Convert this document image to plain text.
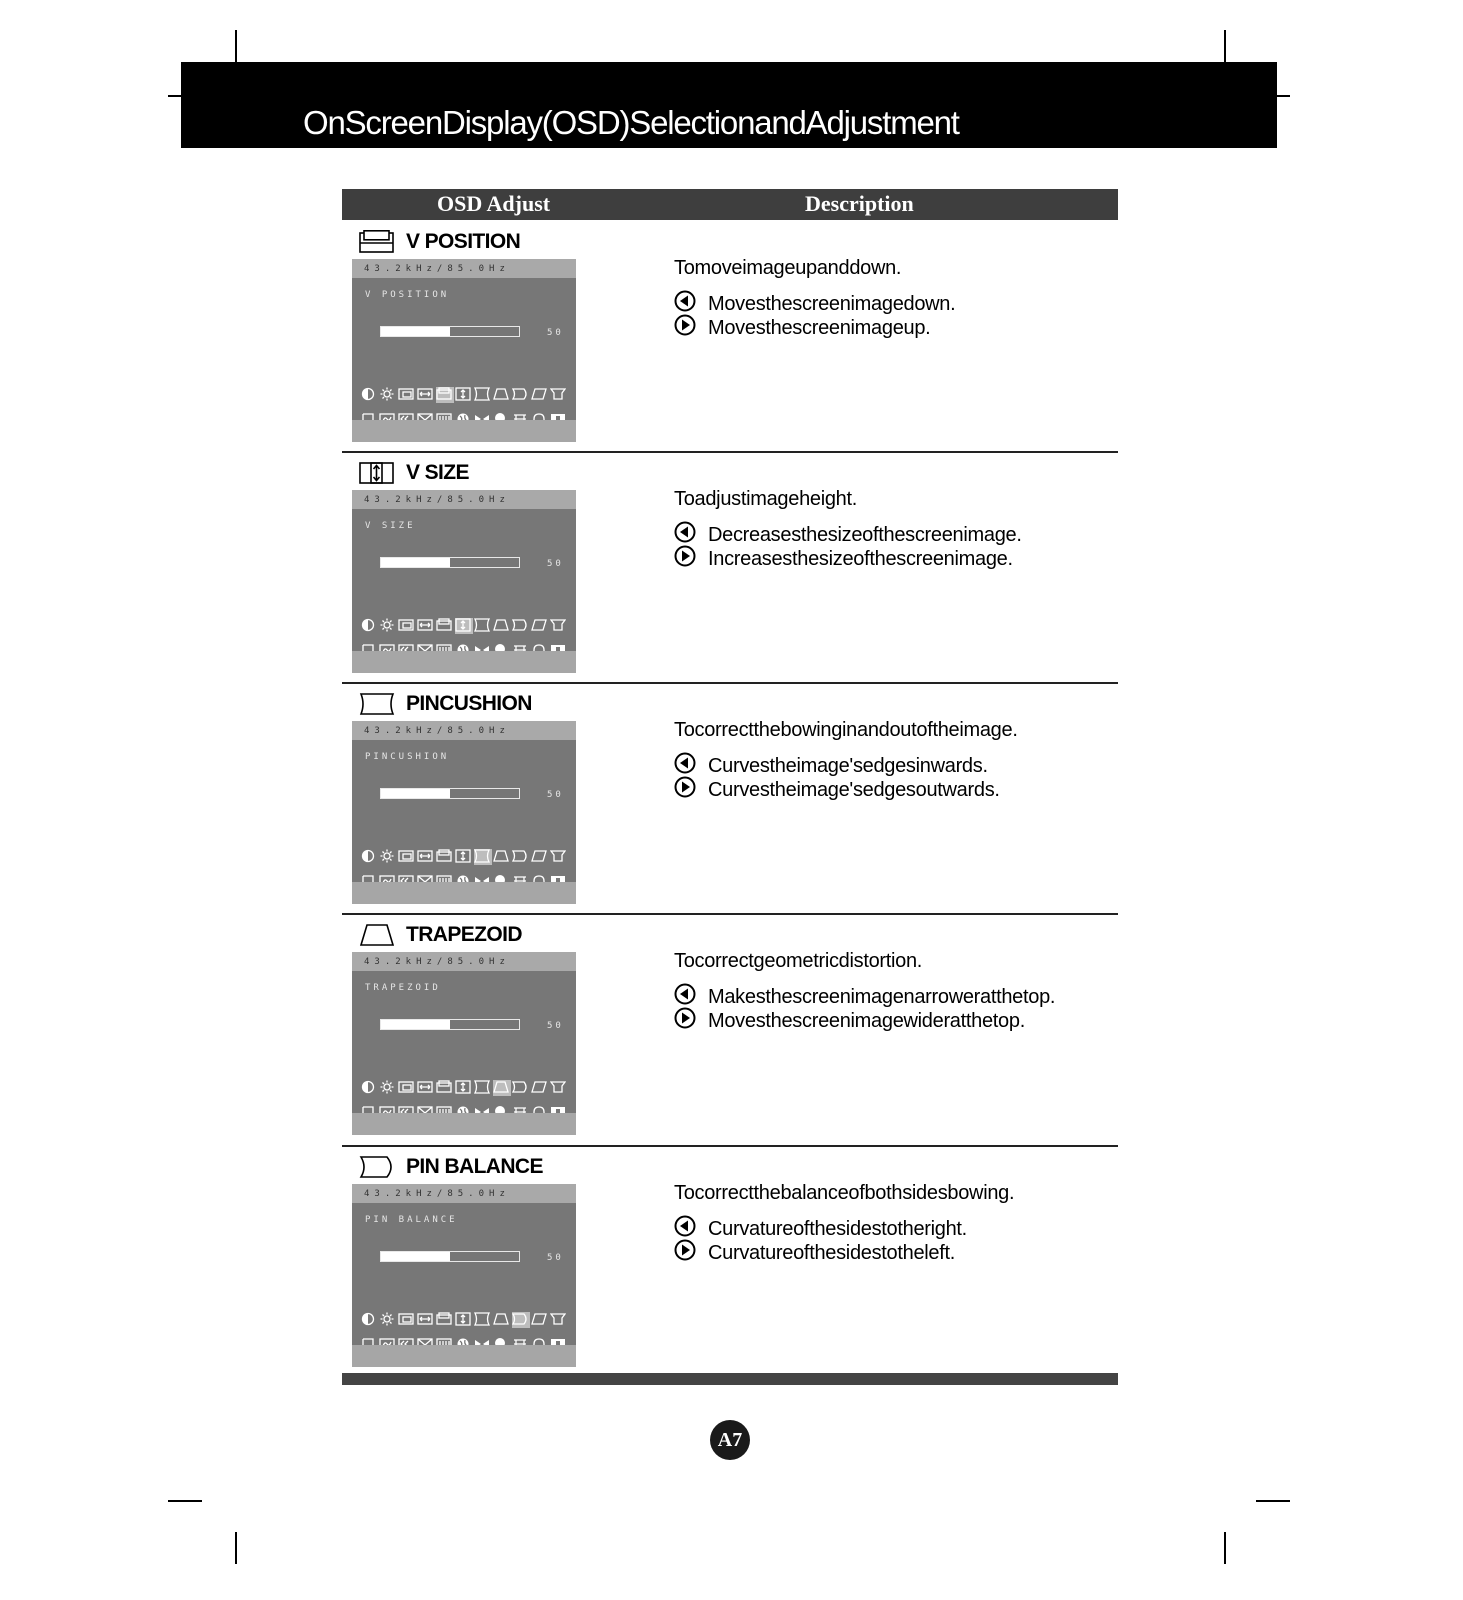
OnScreenDisplay(OSD)SelectionandAdjustment
OSD Adjust	Description
V POSITION
43.2kHz/85.0Hz
V POSITION
50
Tomoveimageupanddown.
Movesthescreenimagedown.
Movesthescreenimageup.
V SIZE
43.2kHz/85.0Hz
V SIZE
50
Toadjustimageheight.
Decreasesthesizeofthescreenimage.
Increasesthesizeofthescreenimage.
PINCUSHION
43.2kHz/85.0Hz
PINCUSHION
50
Tocorrectthebowinginandoutoftheimage.
Curvestheimage'sedgesinwards.
Curvestheimage'sedgesoutwards.
TRAPEZOID
43.2kHz/85.0Hz
TRAPEZOID
50
Tocorrectgeometricdistortion.
Makesthescreenimagenarroweratthetop.
Movesthescreenimagewideratthetop.
PIN BALANCE
43.2kHz/85.0Hz
PIN BALANCE
50
Tocorrectthebalanceofbothsidesbowing.
Curvatureofthesidestotheright.
Curvatureofthesidestotheleft.
A7
